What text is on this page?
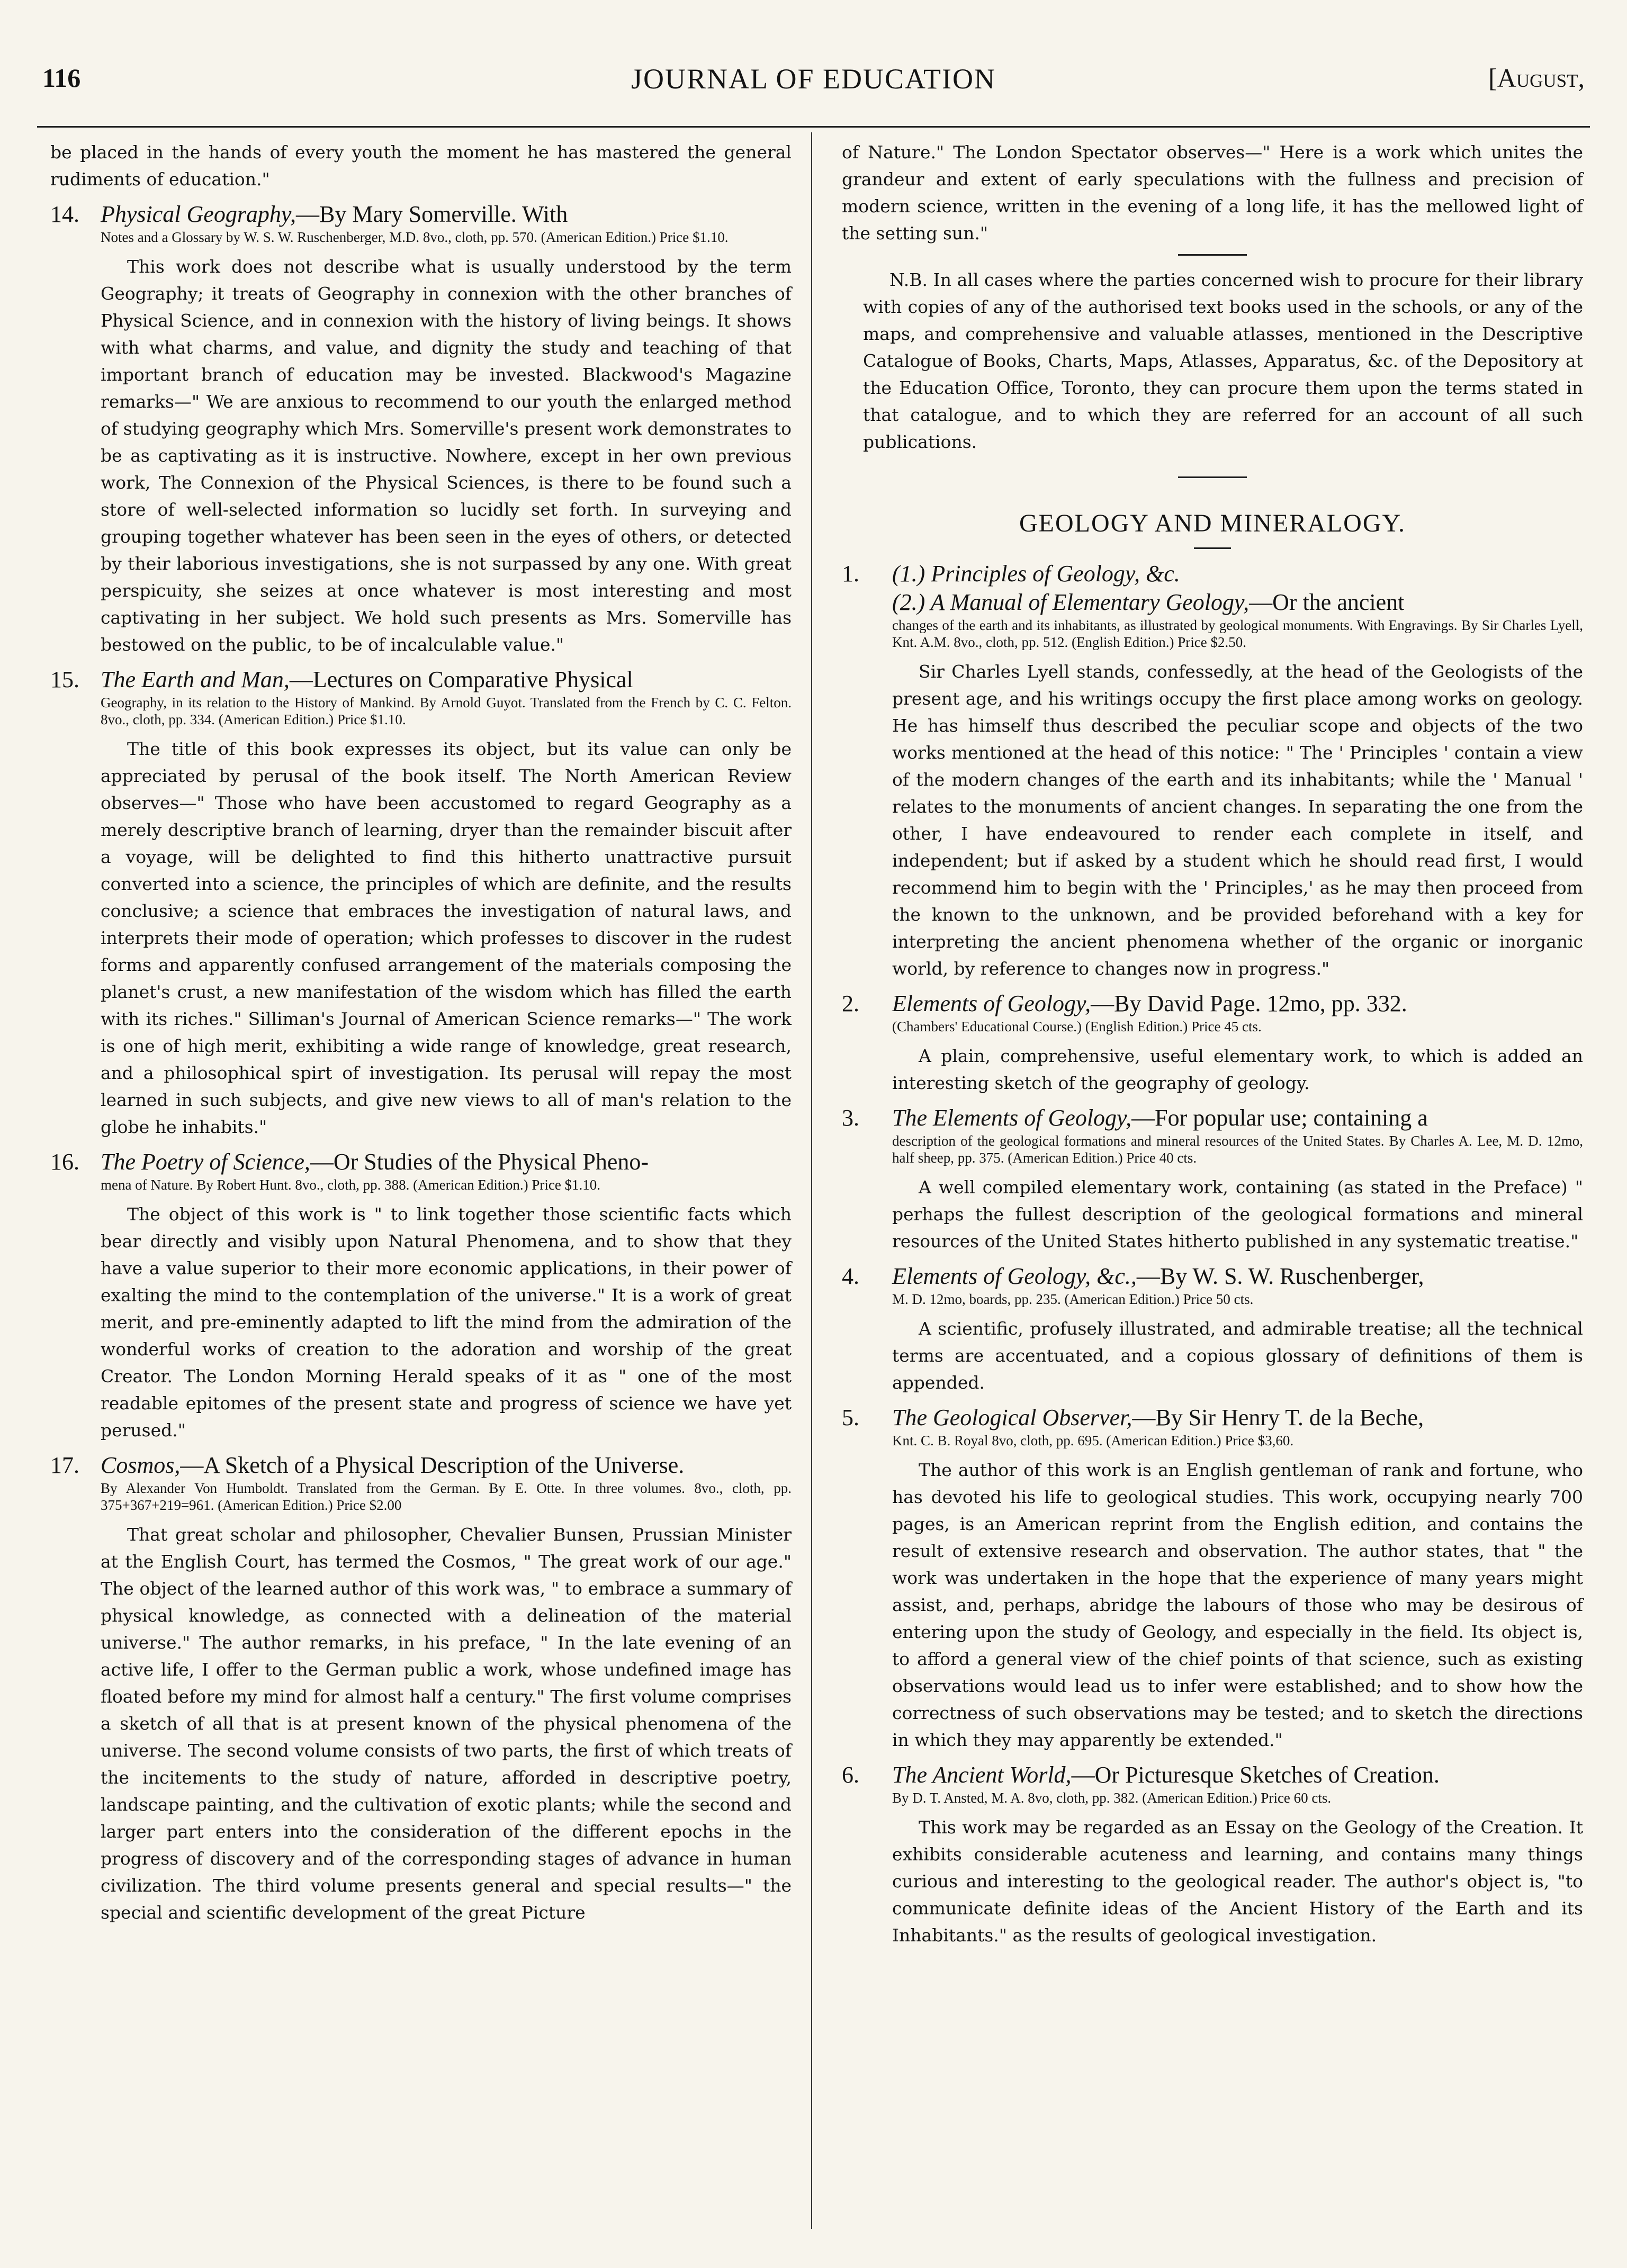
116	JOURNAL OF EDUCATION	[August,

be placed in the hands of every youth the moment he has mastered the general rudiments of education."

14. Physical Geography,—By Mary Somerville. With
Notes and a Glossary by W. S. W. Ruschenberger, M.D. 8vo., cloth, pp. 570. (American Edition.) Price $1.10.

This work does not describe what is usually understood by the term Geography; it treats of Geography in connexion with the other branches of Physical Science, and in connexion with the history of living beings. It shows with what charms, and value, and dignity the study and teaching of that important branch of education may be invested. Blackwood's Magazine remarks—" We are anxious to recommend to our youth the enlarged method of studying geography which Mrs. Somerville's present work demonstrates to be as captivating as it is instructive. Nowhere, except in her own previous work, The Connexion of the Physical Sciences, is there to be found such a store of well-selected information so lucidly set forth. In surveying and grouping together whatever has been seen in the eyes of others, or detected by their laborious investigations, she is not surpassed by any one. With great perspicuity, she seizes at once whatever is most interesting and most captivating in her subject. We hold such presents as Mrs. Somerville has bestowed on the public, to be of incalculable value."

15. The Earth and Man,—Lectures on Comparative Physical
Geography, in its relation to the History of Mankind. By Arnold Guyot. Translated from the French by C. C. Felton. 8vo., cloth, pp. 334. (American Edition.) Price $1.10.

The title of this book expresses its object, but its value can only be appreciated by perusal of the book itself. The North American Review observes—" Those who have been accustomed to regard Geography as a merely descriptive branch of learning, dryer than the remainder biscuit after a voyage, will be delighted to find this hitherto unattractive pursuit converted into a science, the principles of which are definite, and the results conclusive; a science that embraces the investigation of natural laws, and interprets their mode of operation; which professes to discover in the rudest forms and apparently confused arrangement of the materials composing the planet's crust, a new manifestation of the wisdom which has filled the earth with its riches." Silliman's Journal of American Science remarks—" The work is one of high merit, exhibiting a wide range of knowledge, great research, and a philosophical spirt of investigation. Its perusal will repay the most learned in such subjects, and give new views to all of man's relation to the globe he inhabits."

16. The Poetry of Science,—Or Studies of the Physical Pheno-
mena of Nature. By Robert Hunt. 8vo., cloth, pp. 388. (American Edition.) Price $1.10.

The object of this work is " to link together those scientific facts which bear directly and visibly upon Natural Phenomena, and to show that they have a value superior to their more economic applications, in their power of exalting the mind to the contemplation of the universe." It is a work of great merit, and pre-eminently adapted to lift the mind from the admiration of the wonderful works of creation to the adoration and worship of the great Creator. The London Morning Herald speaks of it as " one of the most readable epitomes of the present state and progress of science we have yet perused."

17. Cosmos,—A Sketch of a Physical Description of the Universe.
By Alexander Von Humboldt. Translated from the German. By E. Otte. In three volumes. 8vo., cloth, pp. 375+367+219=961. (American Edition.) Price $2.00

That great scholar and philosopher, Chevalier Bunsen, Prussian Minister at the English Court, has termed the Cosmos, " The great work of our age." The object of the learned author of this work was, " to embrace a summary of physical knowledge, as connected with a delineation of the material universe." The author remarks, in his preface, " In the late evening of an active life, I offer to the German public a work, whose undefined image has floated before my mind for almost half a century." The first volume comprises a sketch of all that is at present known of the physical phenomena of the universe. The second volume consists of two parts, the first of which treats of the incitements to the study of nature, afforded in descriptive poetry, landscape painting, and the cultivation of exotic plants; while the second and larger part enters into the consideration of the different epochs in the progress of discovery and of the corresponding stages of advance in human civilization. The third volume presents general and special results—" the special and scientific development of the great Picture

of Nature." The London Spectator observes—" Here is a work which unites the grandeur and extent of early speculations with the fullness and precision of modern science, written in the evening of a long life, it has the mellowed light of the setting sun."

N.B. In all cases where the parties concerned wish to procure for their library with copies of any of the authorised text books used in the schools, or any of the maps, and comprehensive and valuable atlasses, mentioned in the Descriptive Catalogue of Books, Charts, Maps, Atlasses, Apparatus, &c. of the Depository at the Education Office, Toronto, they can procure them upon the terms stated in that catalogue, and to which they are referred for an account of all such publications.

GEOLOGY AND MINERALOGY.
1. (1.) Principles of Geology, &c.
(2.) A Manual of Elementary Geology,—Or the ancient
changes of the earth and its inhabitants, as illustrated by geological monuments. With Engravings. By Sir Charles Lyell, Knt. A.M. 8vo., cloth, pp. 512. (English Edition.) Price $2.50.

Sir Charles Lyell stands, confessedly, at the head of the Geologists of the present age, and his writings occupy the first place among works on geology. He has himself thus described the peculiar scope and objects of the two works mentioned at the head of this notice: " The ' Principles ' contain a view of the modern changes of the earth and its inhabitants; while the ' Manual ' relates to the monuments of ancient changes. In separating the one from the other, I have endeavoured to render each complete in itself, and independent; but if asked by a student which he should read first, I would recommend him to begin with the ' Principles,' as he may then proceed from the known to the unknown, and be provided beforehand with a key for interpreting the ancient phenomena whether of the organic or inorganic world, by reference to changes now in progress."

2. Elements of Geology,—By David Page. 12mo, pp. 332.
(Chambers' Educational Course.) (English Edition.) Price 45 cts.

A plain, comprehensive, useful elementary work, to which is added an interesting sketch of the geography of geology.

3. The Elements of Geology,—For popular use; containing a
description of the geological formations and mineral resources of the United States. By Charles A. Lee, M. D. 12mo, half sheep, pp. 375. (American Edition.) Price 40 cts.

A well compiled elementary work, containing (as stated in the Preface) " perhaps the fullest description of the geological formations and mineral resources of the United States hitherto published in any systematic treatise."

4. Elements of Geology, &c.,—By W. S. W. Ruschenberger,
M. D. 12mo, boards, pp. 235. (American Edition.) Price 50 cts.

A scientific, profusely illustrated, and admirable treatise; all the technical terms are accentuated, and a copious glossary of definitions of them is appended.

5. The Geological Observer,—By Sir Henry T. de la Beche,
Knt. C. B. Royal 8vo, cloth, pp. 695. (American Edition.) Price $3,60.

The author of this work is an English gentleman of rank and fortune, who has devoted his life to geological studies. This work, occupying nearly 700 pages, is an American reprint from the English edition, and contains the result of extensive research and observation. The author states, that " the work was undertaken in the hope that the experience of many years might assist, and, perhaps, abridge the labours of those who may be desirous of entering upon the study of Geology, and especially in the field. Its object is, to afford a general view of the chief points of that science, such as existing observations would lead us to infer were established; and to show how the correctness of such observations may be tested; and to sketch the directions in which they may apparently be extended."

6. The Ancient World,—Or Picturesque Sketches of Creation.
By D. T. Ansted, M. A. 8vo, cloth, pp. 382. (American Edition.) Price 60 cts.

This work may be regarded as an Essay on the Geology of the Creation. It exhibits considerable acuteness and learning, and contains many things curious and interesting to the geological reader. The author's object is, "to communicate definite ideas of the Ancient History of the Earth and its Inhabitants." as the results of geological investigation.
